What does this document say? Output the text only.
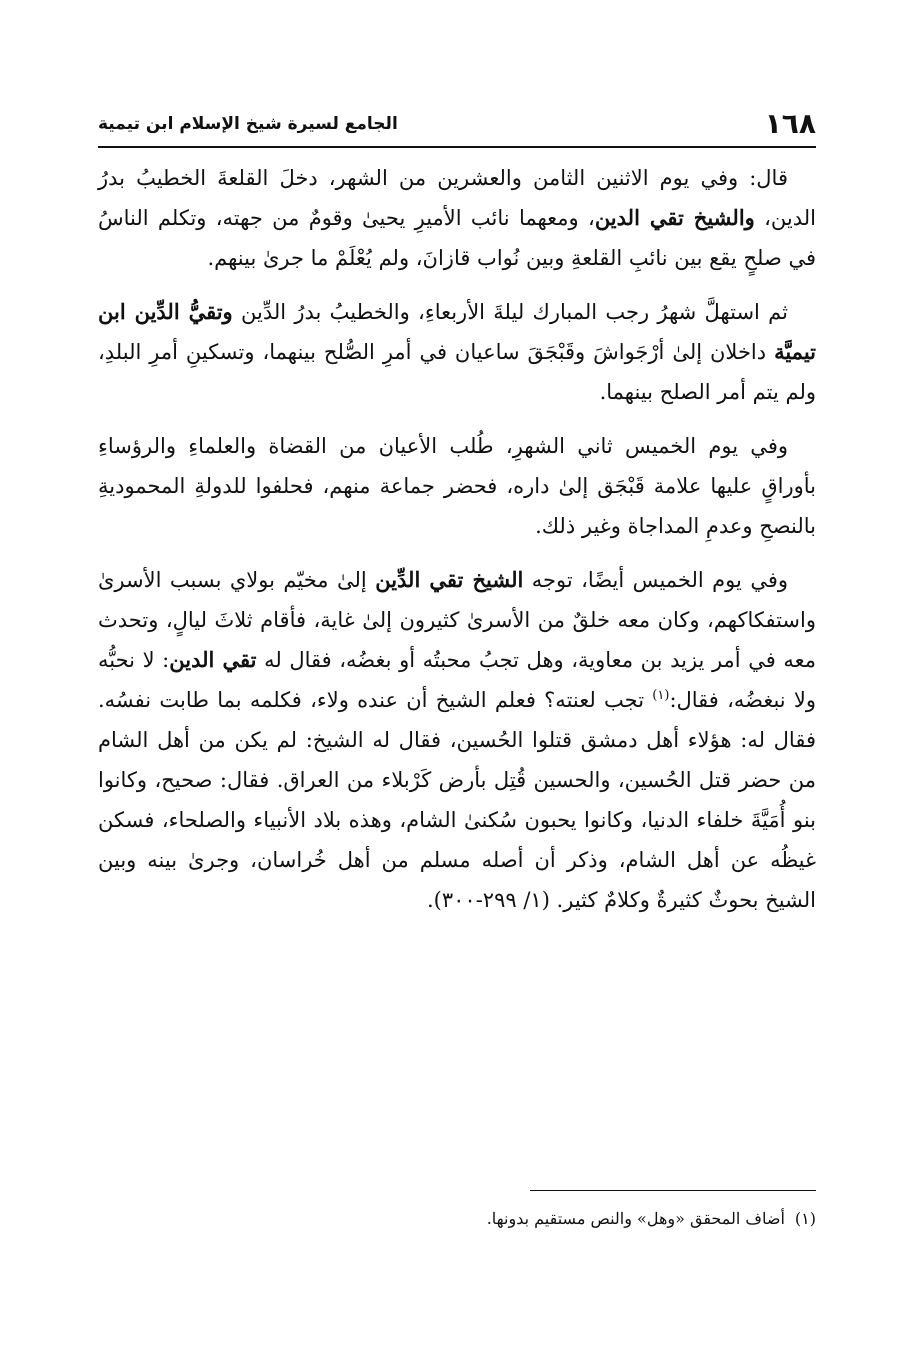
١٦٨
الجامع لسيرة شيخ الإسلام ابن تيمية

قال: وفي يوم الاثنين الثامن والعشرين من الشهر، دخلَ القلعةَ الخطيبُ بدرُ الدين، والشيخ تقي الدين، ومعهما نائب الأميرِ يحيىٰ وقومٌ من جهته، وتكلم الناسُ في صلحٍ يقع بين نائبِ القلعةِ وبين نُواب قازانَ، ولم يُعْلَمْ ما جرىٰ بينهم.

ثم استهلَّ شهرُ رجب المبارك ليلةَ الأربعاءِ، والخطيبُ بدرُ الدِّين وتقيُّ الدِّين ابن تيميَّة داخلان إلىٰ أرْجَواشَ وقَبْجَقَ ساعيان في أمرِ الصُّلح بينهما، وتسكينِ أمرِ البلدِ، ولم يتم أمر الصلح بينهما.

وفي يوم الخميس ثاني الشهرِ، طُلب الأعيان من القضاة والعلماءِ والرؤساءِ بأوراقٍ عليها علامة قَبْجَق إلىٰ داره، فحضر جماعة منهم، فحلفوا للدولةِ المحموديةِ بالنصحِ وعدمِ المداجاة وغير ذلك.

وفي يوم الخميس أيضًا، توجه الشيخ تقي الدِّين إلىٰ مخيّم بولاي بسبب الأسرىٰ واستفكاكهم، وكان معه خلقٌ من الأسرىٰ كثيرون إلىٰ غاية، فأقام ثلاثَ ليالٍ، وتحدث معه في أمر يزيد بن معاوية، وهل تجبُ محبتُه أو بغضُه، فقال له تقي الدين: لا نحبُّه ولا نبغضُه، فقال:$^{(١)}$ تجب لعنته؟ فعلم الشيخ أن عنده ولاء، فكلمه بما طابت نفسُه. فقال له: هؤلاء أهل دمشق قتلوا الحُسين، فقال له الشيخ: لم يكن من أهل الشام من حضر قتل الحُسين، والحسين قُتِل بأرض كَرْبلاء من العراق. فقال: صحيح، وكانوا بنو أُمَيَّةَ خلفاء الدنيا، وكانوا يحبون سُكنىٰ الشام، وهذه بلاد الأنبياء والصلحاء، فسكن غيظُه عن أهل الشام، وذكر أن أصله مسلم من أهل خُراسان، وجرىٰ بينه وبين الشيخ بحوثٌ كثيرةٌ وكلامٌ كثير. (١/ ٢٩٩-٣٠٠).

(١)أضاف المحقق «وهل» والنص مستقيم بدونها.
